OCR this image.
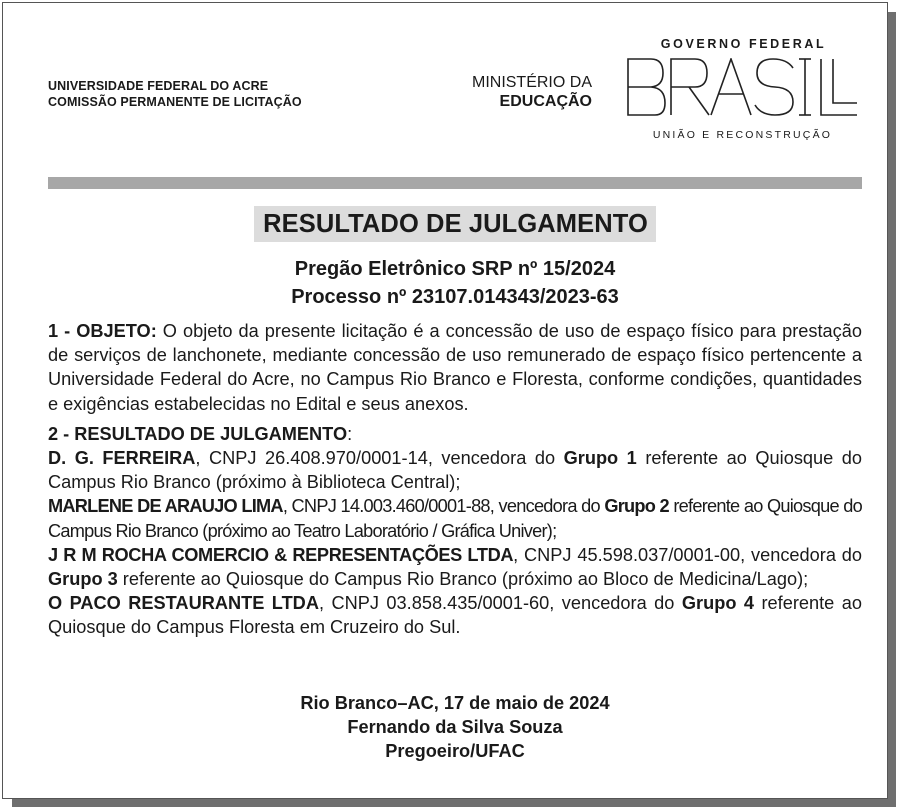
UNIVERSIDADE FEDERAL DO ACRE
COMISSÃO PERMANENTE DE LICITAÇÃO
MINISTÉRIO DA
EDUCAÇÃO
GOVERNO FEDERAL
UNIÃO E RECONSTRUÇÃO
RESULTADO DE JULGAMENTO
Pregão Eletrônico SRP nº 15/2024
Processo nº 23107.014343/2023-63

1 - OBJETO: O objeto da presente licitação é a concessão de uso de espaço físico para prestação de serviços de lanchonete, mediante concessão de uso remunerado de espaço físico pertencente a Universidade Federal do Acre, no Campus Rio Branco e Floresta, conforme condições, quantidades e exigências estabelecidas no Edital e seus anexos.

2 - RESULTADO DE JULGAMENTO:

D. G. FERREIRA, CNPJ 26.408.970/0001-14, vencedora do Grupo 1 referente ao Quiosque do Campus Rio Branco (próximo à Biblioteca Central);

MARLENE DE ARAUJO LIMA, CNPJ 14.003.460/0001-88, vencedora do Grupo 2 referente ao Quiosque do Campus Rio Branco (próximo ao Teatro Laboratório / Gráfica Univer);

J R M ROCHA COMERCIO & REPRESENTAÇÕES LTDA, CNPJ 45.598.037/0001-00, vencedora do Grupo 3 referente ao Quiosque do Campus Rio Branco (próximo ao Bloco de Medicina/Lago);

O PACO RESTAURANTE LTDA, CNPJ 03.858.435/0001-60, vencedora do Grupo 4 referente ao Quiosque do Campus Floresta em Cruzeiro do Sul.

Rio Branco–AC, 17 de maio de 2024
Fernando da Silva Souza
Pregoeiro/UFAC
